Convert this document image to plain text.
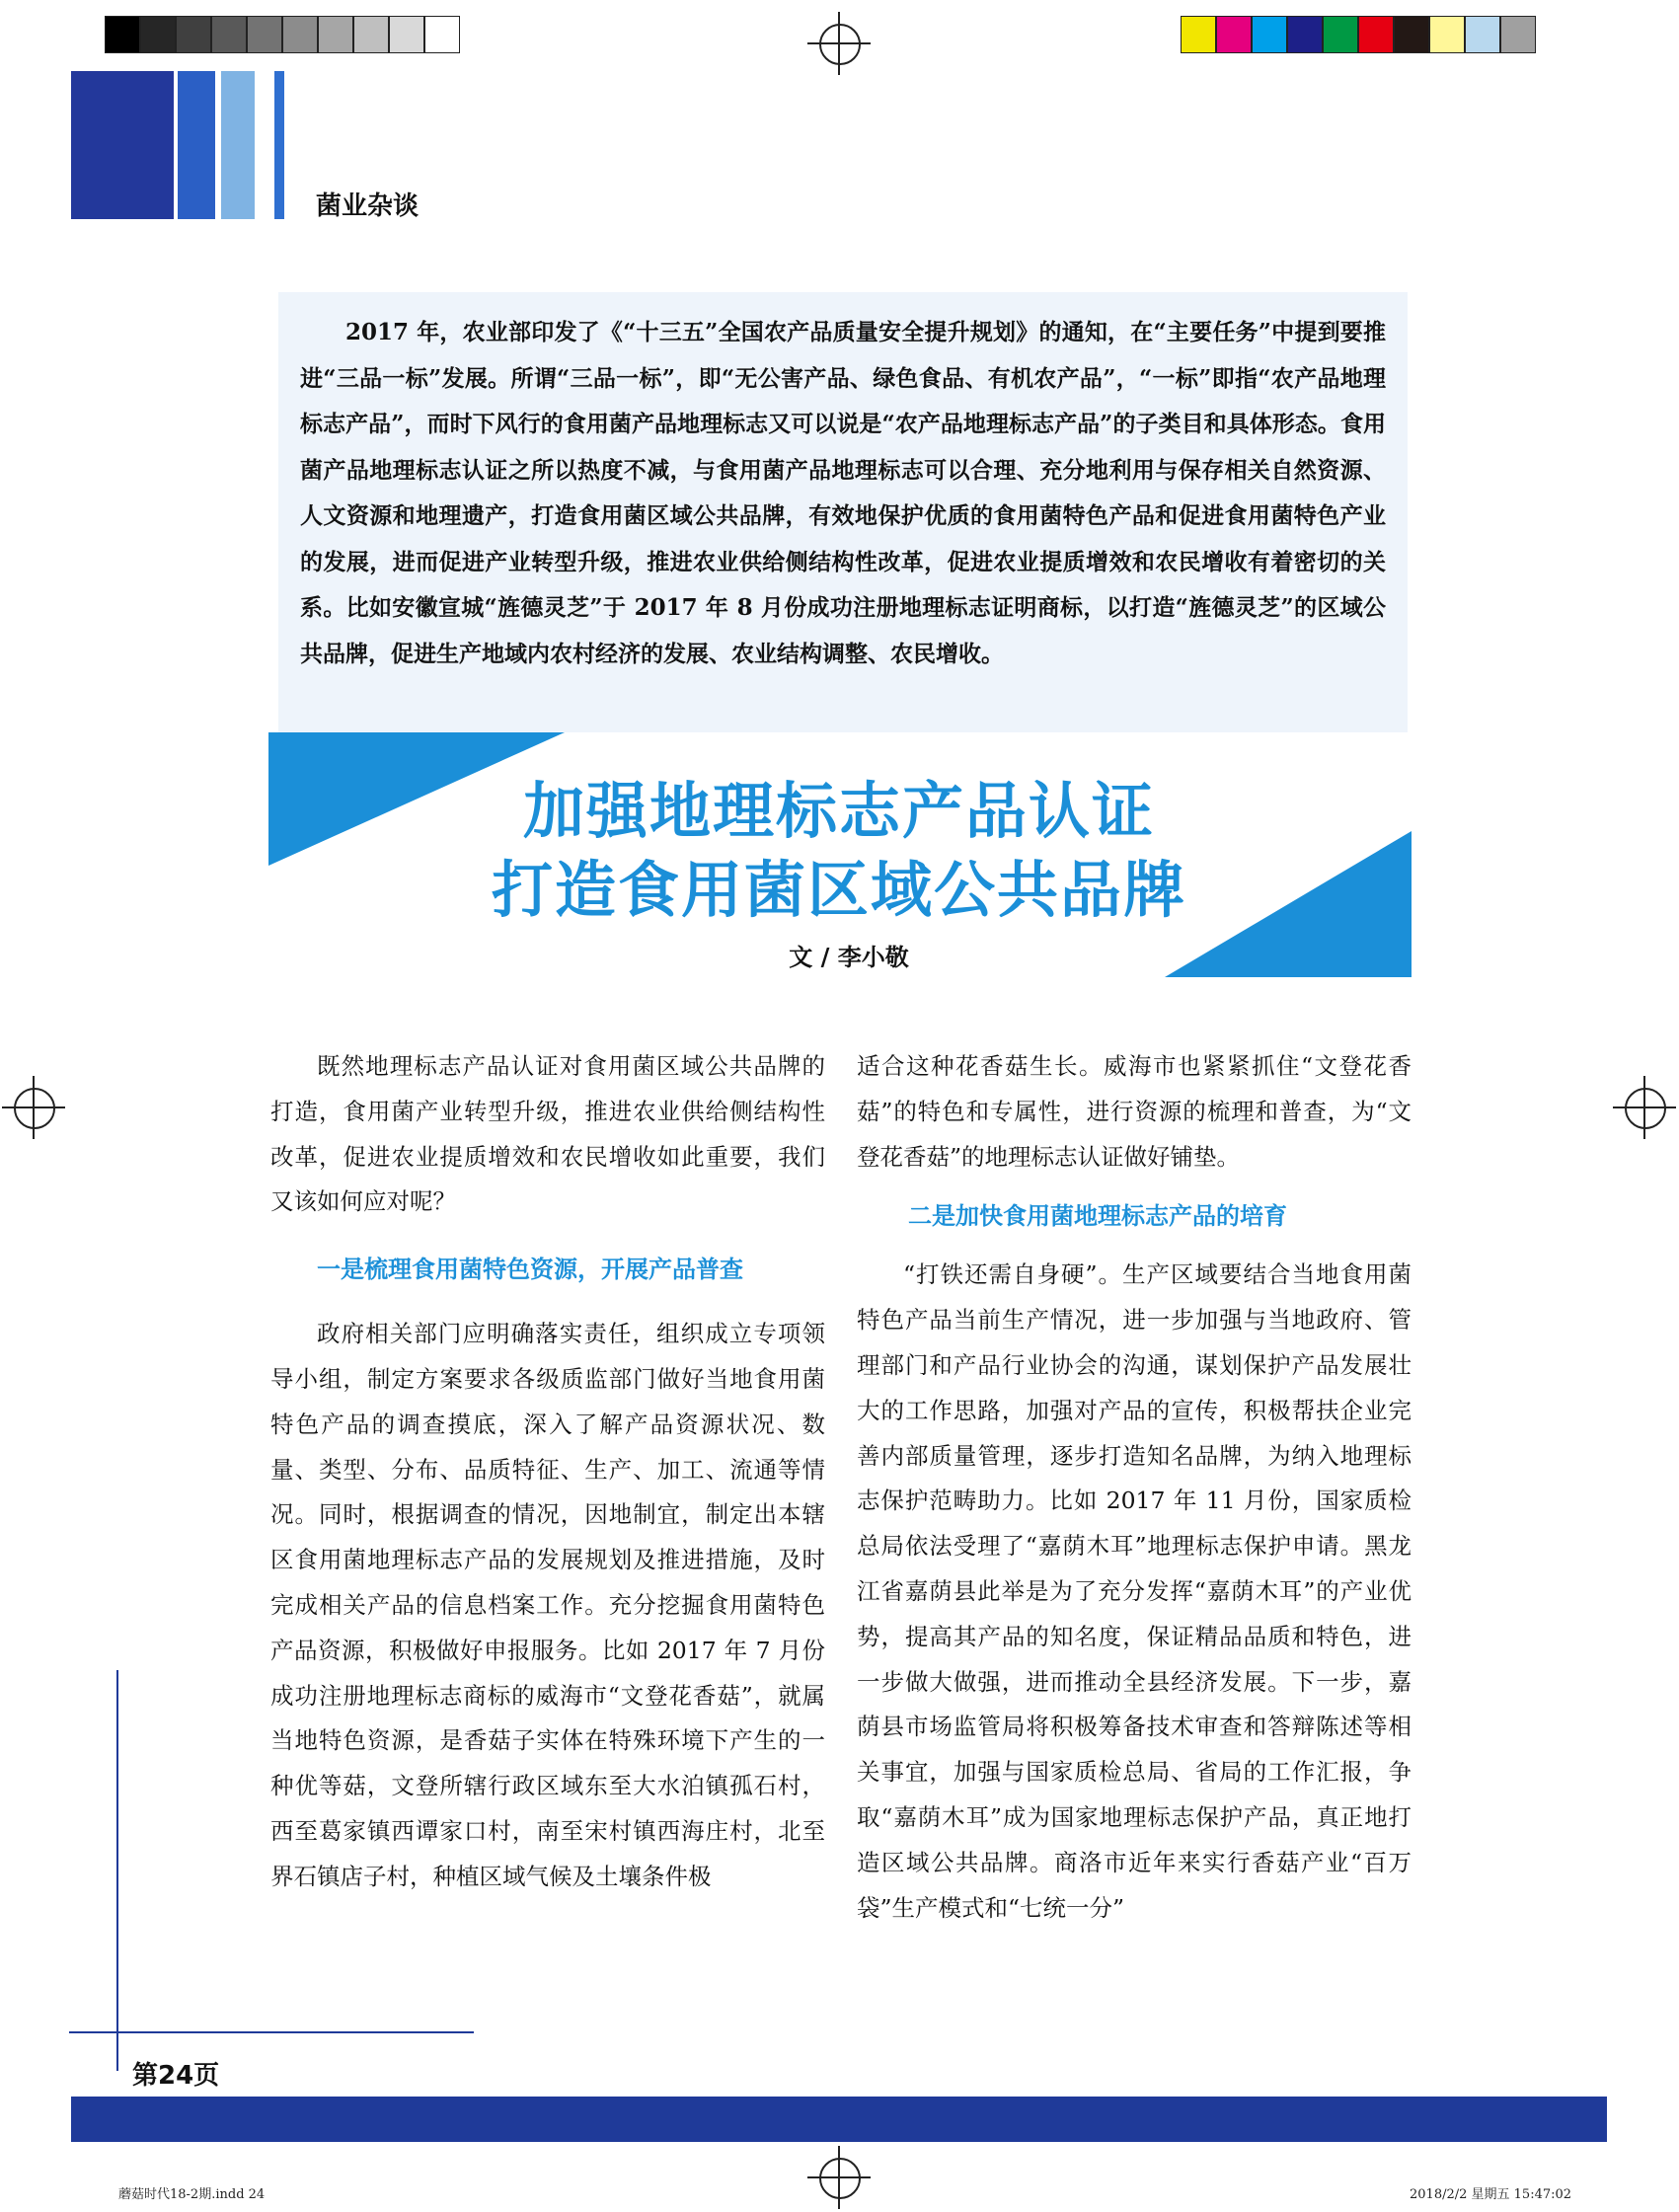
菌业杂谈

2017 年，农业部印发了《“十三五”全国农产品质量安全提升规划》的通知，在“主要任务”中提到要推进“三品一标”发展。所谓“三品一标”，即“无公害产品、绿色食品、有机农产品”，“一标”即指“农产品地理标志产品”，而时下风行的食用菌产品地理标志又可以说是“农产品地理标志产品”的子类目和具体形态。食用菌产品地理标志认证之所以热度不减，与食用菌产品地理标志可以合理、充分地利用与保存相关自然资源、人文资源和地理遗产，打造食用菌区域公共品牌，有效地保护优质的食用菌特色产品和促进食用菌特色产业的发展，进而促进产业转型升级，推进农业供给侧结构性改革，促进农业提质增效和农民增收有着密切的关系。比如安徽宣城“旌德灵芝”于 2017 年 8 月份成功注册地理标志证明商标，以打造“旌德灵芝”的区域公共品牌，促进生产地域内农村经济的发展、农业结构调整、农民增收。

加强地理标志产品认证
打造食用菌区域公共品牌
文 / 李小敬

既然地理标志产品认证对食用菌区域公共品牌的打造，食用菌产业转型升级，推进农业供给侧结构性改革，促进农业提质增效和农民增收如此重要，我们又该如何应对呢？

一是梳理食用菌特色资源，开展产品普查

政府相关部门应明确落实责任，组织成立专项领导小组，制定方案要求各级质监部门做好当地食用菌特色产品的调查摸底，深入了解产品资源状况、数量、类型、分布、品质特征、生产、加工、流通等情况。同时，根据调查的情况，因地制宜，制定出本辖区食用菌地理标志产品的发展规划及推进措施，及时完成相关产品的信息档案工作。充分挖掘食用菌特色产品资源，积极做好申报服务。比如 2017 年 7 月份成功注册地理标志商标的威海市“文登花香菇”，就属当地特色资源，是香菇子实体在特殊环境下产生的一种优等菇，文登所辖行政区域东至大水泊镇孤石村，西至葛家镇西谭家口村，南至宋村镇西海庄村，北至界石镇店子村，种植区域气候及土壤条件极

适合这种花香菇生长。威海市也紧紧抓住“文登花香菇”的特色和专属性，进行资源的梳理和普查，为“文登花香菇”的地理标志认证做好铺垫。

二是加快食用菌地理标志产品的培育

“打铁还需自身硬”。生产区域要结合当地食用菌特色产品当前生产情况，进一步加强与当地政府、管理部门和产品行业协会的沟通，谋划保护产品发展壮大的工作思路，加强对产品的宣传，积极帮扶企业完善内部质量管理，逐步打造知名品牌，为纳入地理标志保护范畴助力。比如 2017 年 11 月份，国家质检总局依法受理了“嘉荫木耳”地理标志保护申请。黑龙江省嘉荫县此举是为了充分发挥“嘉荫木耳”的产业优势，提高其产品的知名度，保证精品品质和特色，进一步做大做强，进而推动全县经济发展。下一步，嘉荫县市场监管局将积极筹备技术审查和答辩陈述等相关事宜，加强与国家质检总局、省局的工作汇报，争取“嘉荫木耳”成为国家地理标志保护产品，真正地打造区域公共品牌。商洛市近年来实行香菇产业“百万袋”生产模式和“七统一分”

第24页
蘑菇时代18-2期.indd 24	2018/2/2 星期五 15:47:02
